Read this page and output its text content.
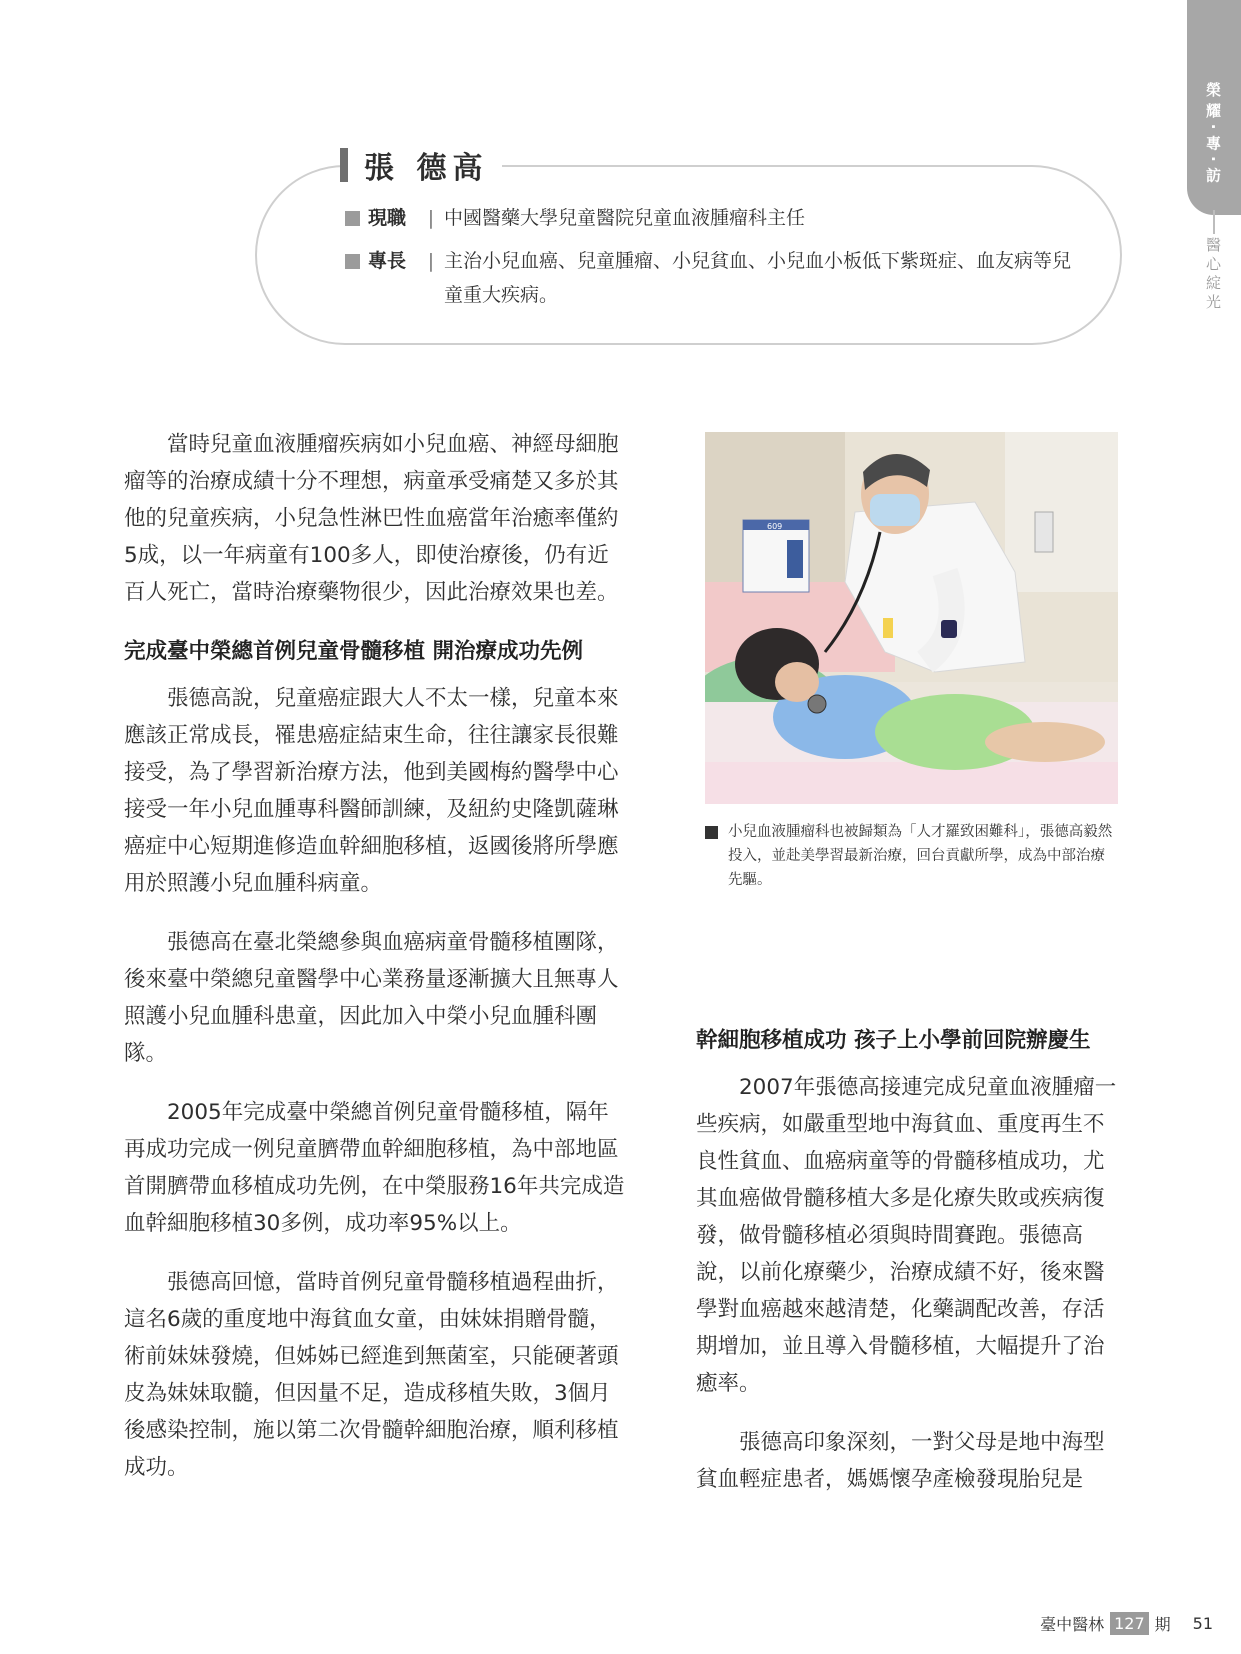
榮耀‧專‧訪
醫心綻光
張 德高
現職	| 中國醫藥大學兒童醫院兒童血液腫瘤科主任
專長	| 主治小兒血癌、兒童腫瘤、小兒貧血、小兒血小板低下紫斑症、血友病等兒童重大疾病。

當時兒童血液腫瘤疾病如小兒血癌、神經母細胞瘤等的治療成績十分不理想，病童承受痛楚又多於其他的兒童疾病，小兒急性淋巴性血癌當年治癒率僅約5成，以一年病童有100多人，即使治療後，仍有近百人死亡，當時治療藥物很少，因此治療效果也差。

完成臺中榮總首例兒童骨髓移植 開治療成功先例

張德高說，兒童癌症跟大人不太一樣，兒童本來應該正常成長，罹患癌症結束生命，往往讓家長很難接受，為了學習新治療方法，他到美國梅約醫學中心接受一年小兒血腫專科醫師訓練，及紐約史隆凱薩琳癌症中心短期進修造血幹細胞移植，返國後將所學應用於照護小兒血腫科病童。

張德高在臺北榮總參與血癌病童骨髓移植團隊，後來臺中榮總兒童醫學中心業務量逐漸擴大且無專人照護小兒血腫科患童，因此加入中榮小兒血腫科團隊。

2005年完成臺中榮總首例兒童骨髓移植，隔年再成功完成一例兒童臍帶血幹細胞移植，為中部地區首開臍帶血移植成功先例，在中榮服務16年共完成造血幹細胞移植30多例，成功率95%以上。

張德高回憶，當時首例兒童骨髓移植過程曲折，這名6歲的重度地中海貧血女童，由妹妹捐贈骨髓，術前妹妹發燒，但姊姊已經進到無菌室，只能硬著頭皮為妹妹取髓，但因量不足，造成移植失敗，3個月後感染控制，施以第二次骨髓幹細胞治療，順利移植成功。

609
小兒血液腫瘤科也被歸類為「人才羅致困難科」，張德高毅然投入，並赴美學習最新治療，回台貢獻所學，成為中部治療先驅。

幹細胞移植成功 孩子上小學前回院辦慶生

2007年張德高接連完成兒童血液腫瘤一些疾病，如嚴重型地中海貧血、重度再生不良性貧血、血癌病童等的骨髓移植成功，尤其血癌做骨髓移植大多是化療失敗或疾病復發，做骨髓移植必須與時間賽跑。張德高說，以前化療藥少，治療成績不好，後來醫學對血癌越來越清楚，化藥調配改善，存活期增加，並且導入骨髓移植，大幅提升了治癒率。

張德高印象深刻，一對父母是地中海型貧血輕症患者，媽媽懷孕產檢發現胎兒是

臺中醫林 127 期 51
